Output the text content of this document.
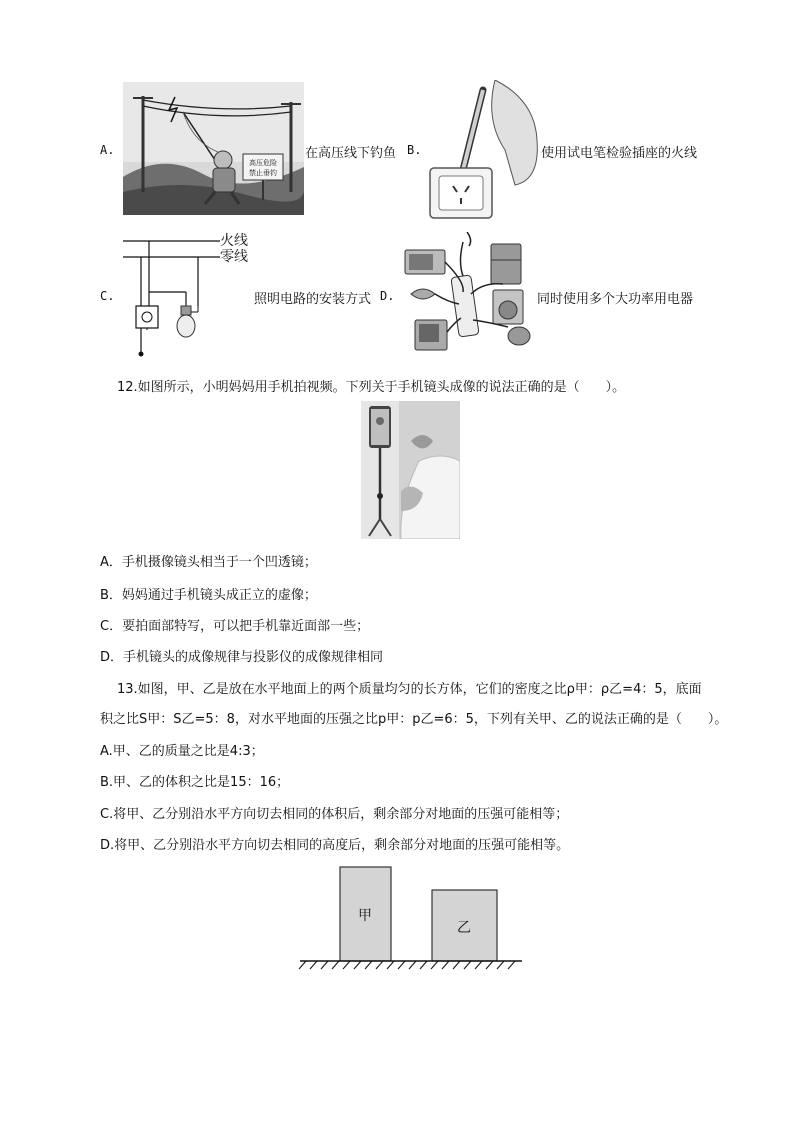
A.
高压危险
禁止垂钓
在高压线下钓鱼 B.	使用试电笔检验插座的火线
C.
火线
零线
照明电路的安装方式 D.	同时使用多个大功率用电器
12.如图所示，小明妈妈用手机拍视频。下列关于手机镜头成像的说法正确的是（　　）。
A．手机摄像镜头相当于一个凹透镜；
B．妈妈通过手机镜头成正立的虚像；
C．要拍面部特写，可以把手机靠近面部一些；
D．手机镜头的成像规律与投影仪的成像规律相同
13.如图，甲、乙是放在水平地面上的两个质量均匀的长方体，它们的密度之比ρ甲：ρ乙=4：5，底面
积之比S甲：S乙=5：8，对水平地面的压强之比p甲：p乙=6：5，下列有关甲、乙的说法正确的是（　　）。
A.甲、乙的质量之比是4:3；
B.甲、乙的体积之比是15：16；
C.将甲、乙分别沿水平方向切去相同的体积后，剩余部分对地面的压强可能相等；
D.将甲、乙分别沿水平方向切去相同的高度后，剩余部分对地面的压强可能相等。
甲
乙
